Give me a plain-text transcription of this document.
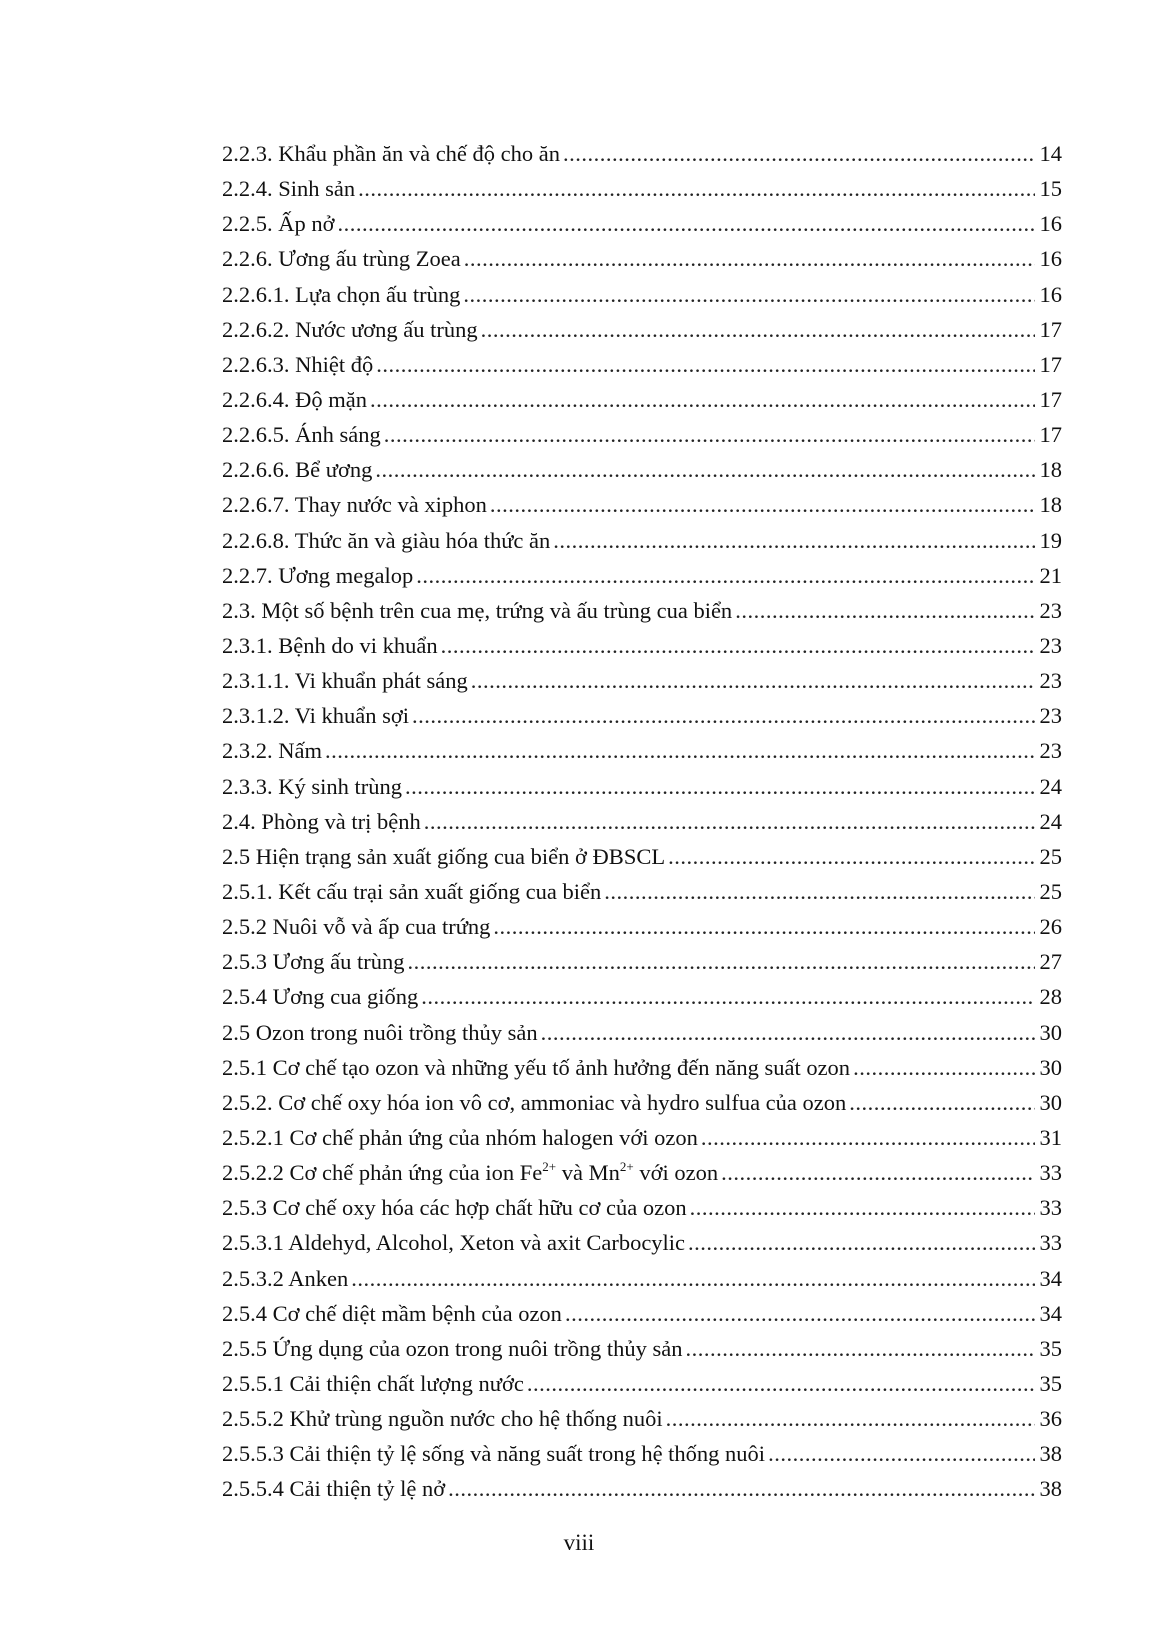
2.2.3. Khẩu phần ăn và chế độ cho ăn .....	14
2.2.4. Sinh sản .....	15
2.2.5. Ấp nở .....	16
2.2.6. Ương ấu trùng Zoea .....	16
2.2.6.1. Lựa chọn ấu trùng .....	16
2.2.6.2. Nước ương ấu trùng .....	17
2.2.6.3. Nhiệt độ .....	17
2.2.6.4. Độ mặn .....	17
2.2.6.5. Ánh sáng .....	17
2.2.6.6. Bể ương .....	18
2.2.6.7. Thay nước và xiphon .....	18
2.2.6.8. Thức ăn và giàu hóa thức ăn .....	19
2.2.7. Ương megalop .....	21
2.3. Một số bệnh trên cua mẹ, trứng và ấu trùng cua biển .....	23
2.3.1. Bệnh do vi khuẩn .....	23
2.3.1.1. Vi khuẩn phát sáng .....	23
2.3.1.2. Vi khuẩn sợi .....	23
2.3.2. Nấm .....	23
2.3.3. Ký sinh trùng .....	24
2.4. Phòng và trị bệnh .....	24
2.5 Hiện trạng sản xuất giống cua biển ở ĐBSCL .....	25
2.5.1. Kết cấu trại sản xuất giống cua biển .....	25
2.5.2 Nuôi vỗ và ấp cua trứng .....	26
2.5.3 Ương ấu trùng .....	27
2.5.4 Ương cua giống .....	28
2.5 Ozon trong nuôi trồng thủy sản .....	30
2.5.1 Cơ chế tạo ozon và những yếu tố ảnh hưởng đến năng suất ozon .....	30
2.5.2. Cơ chế oxy hóa ion vô cơ, ammoniac và hydro sulfua của ozon .....	30
2.5.2.1 Cơ chế phản ứng của nhóm halogen với ozon .....	31
2.5.2.2 Cơ chế phản ứng của ion $Fe^{2+}$ và $Mn^{2+}$ với ozon .....	33
2.5.3 Cơ chế oxy hóa các hợp chất hữu cơ của ozon .....	33
2.5.3.1 Aldehyd, Alcohol, Xeton và axit Carbocylic .....	33
2.5.3.2 Anken .....	34
2.5.4 Cơ chế diệt mầm bệnh của ozon .....	34
2.5.5 Ứng dụng của ozon trong nuôi trồng thủy sản .....	35
2.5.5.1 Cải thiện chất lượng nước .....	35
2.5.5.2 Khử trùng nguồn nước cho hệ thống nuôi .....	36
2.5.5.3 Cải thiện tỷ lệ sống và năng suất trong hệ thống nuôi .....	38
2.5.5.4 Cải thiện tỷ lệ nở .....	38
viii
